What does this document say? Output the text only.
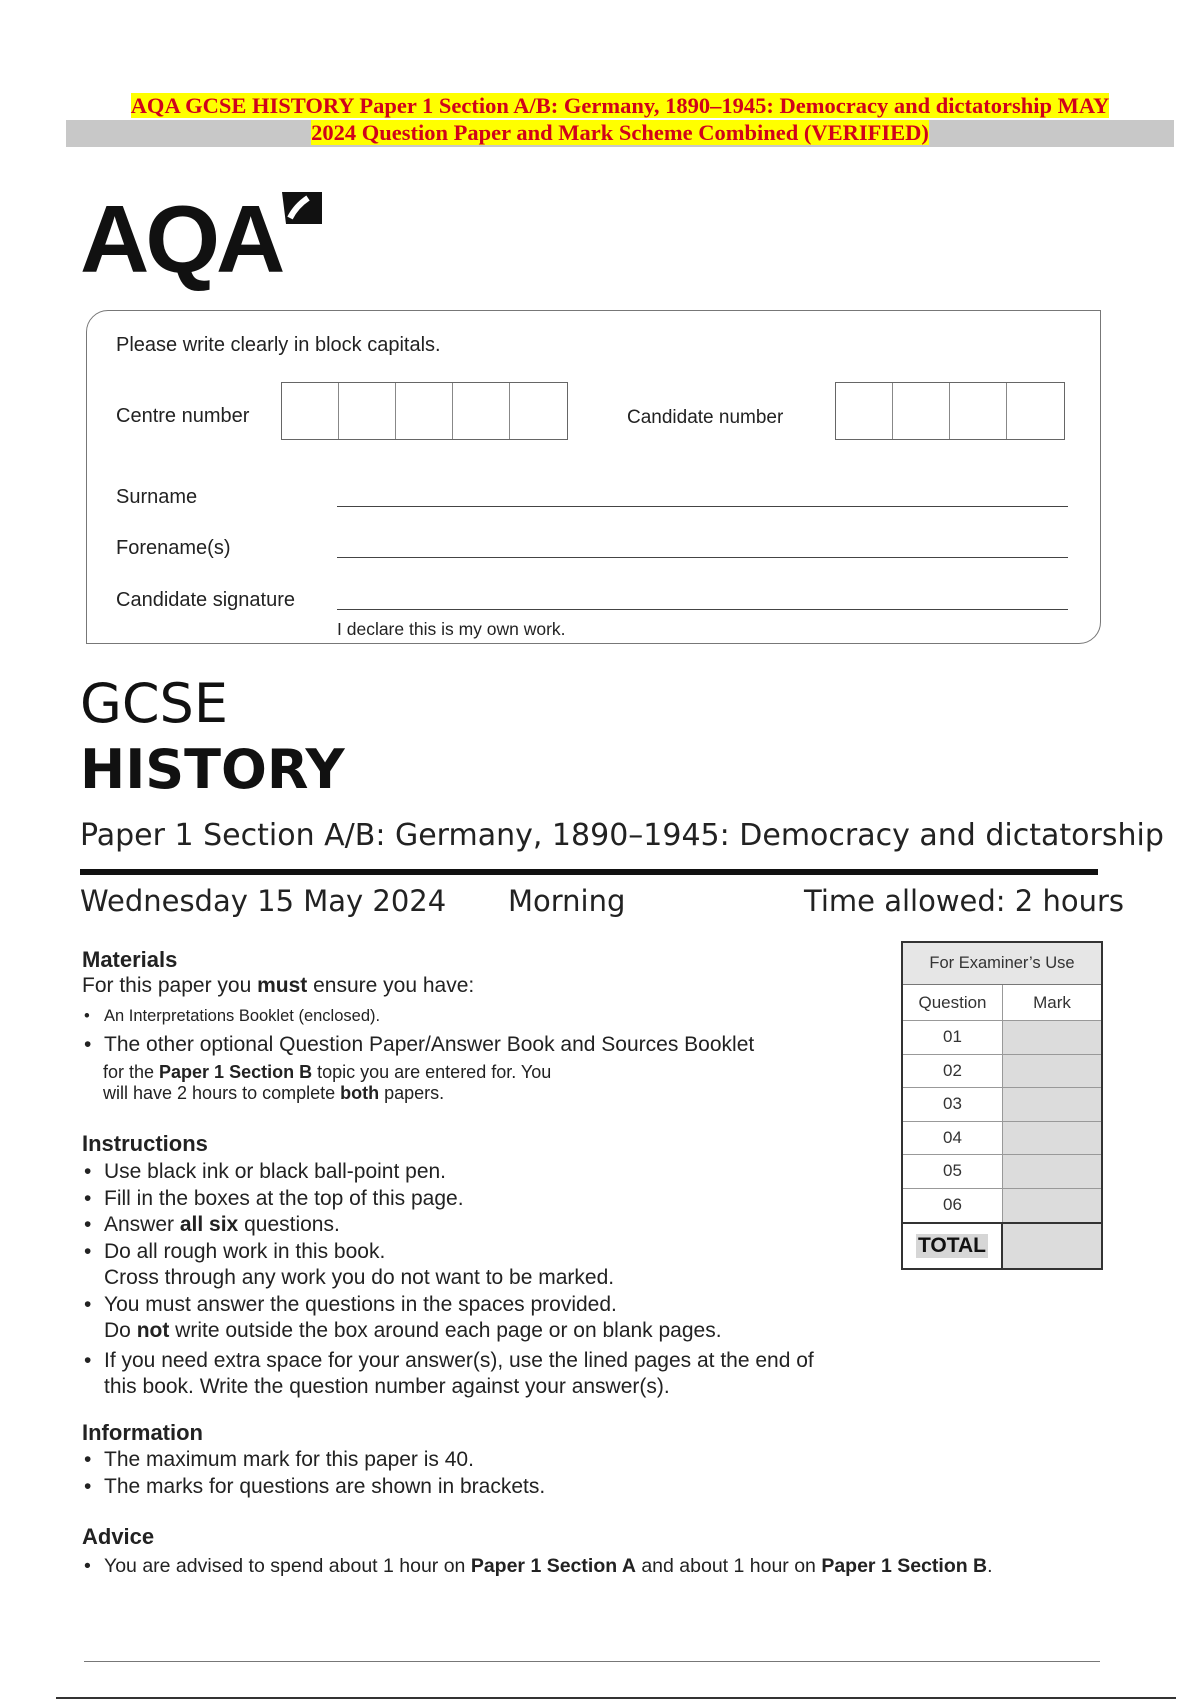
AQA GCSE HISTORY Paper 1 Section A/B: Germany, 1890–1945: Democracy and dictatorship MAY
2024 Question Paper and Mark Scheme Combined (VERIFIED)
AQA
Please write clearly in block capitals.
Centre number	Candidate number
Surname
Forename(s)
Candidate signature
I declare this is my own work.
GCSE
HISTORY
Paper 1 Section A/B: Germany, 1890–1945: Democracy and dictatorship
Wednesday 15 May 2024 Morning	Time allowed: 2 hours
Materials
For this paper you must ensure you have:
• An Interpretations Booklet (enclosed).
• The other optional Question Paper/Answer Book and Sources Booklet
for the Paper 1 Section B topic you are entered for. You
will have 2 hours to complete both papers.
Instructions
• Use black ink or black ball-point pen.
• Fill in the boxes at the top of this page.
• Answer all six questions.
• Do all rough work in this book.
Cross through any work you do not want to be marked.
• You must answer the questions in the spaces provided.
Do not write outside the box around each page or on blank pages.
• If you need extra space for your answer(s), use the lined pages at the end of
this book. Write the question number against your answer(s).
Information
• The maximum mark for this paper is 40.
• The marks for questions are shown in brackets.
Advice
• You are advised to spend about 1 hour on Paper 1 Section A and about 1 hour on Paper 1 Section B.
For Examiner’s Use
Question	Mark
01
02
03
04
05
06
TOTAL
